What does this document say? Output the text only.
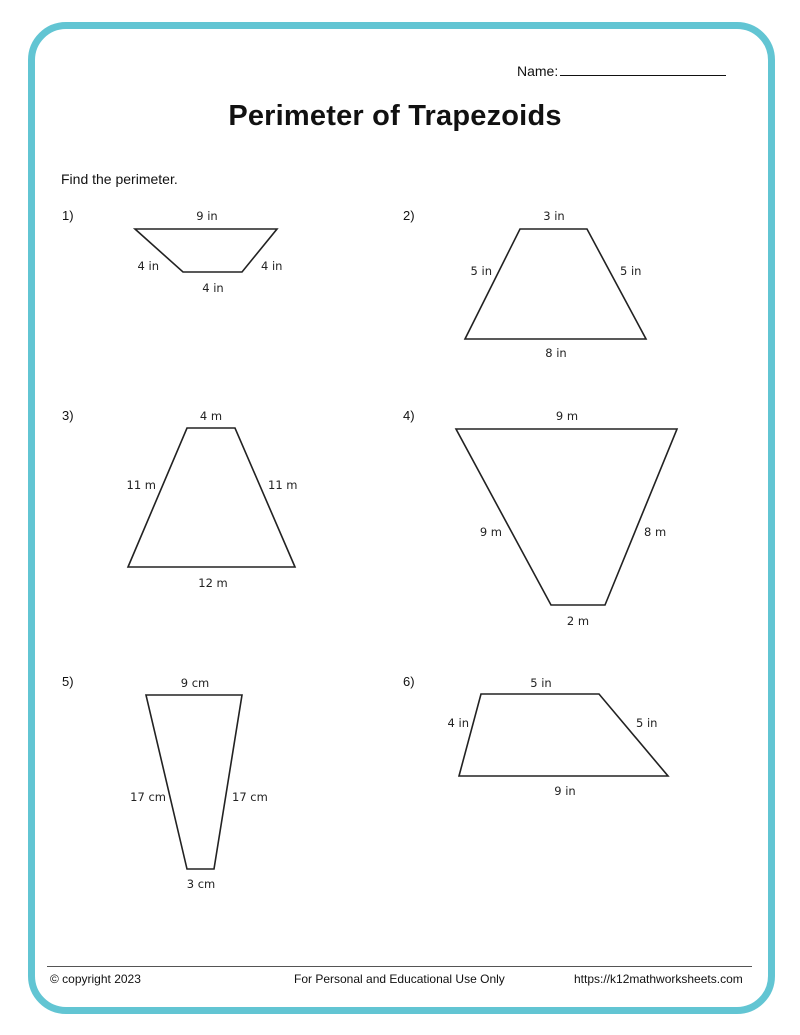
Name:
Perimeter of Trapezoids
Find the perimeter.
1)	2)
3)	4)
5)	6)
9 in
4 in	4 in
4 in
3 in
5 in	5 in
8 in
4 m
11 m	11 m
12 m
9 m
9 m	8 m
2 m
9 cm
17 cm	17 cm
3 cm
5 in
4 in	5 in
9 in
© copyright 2023	For Personal and Educational Use Only	https://k12mathworksheets.com
